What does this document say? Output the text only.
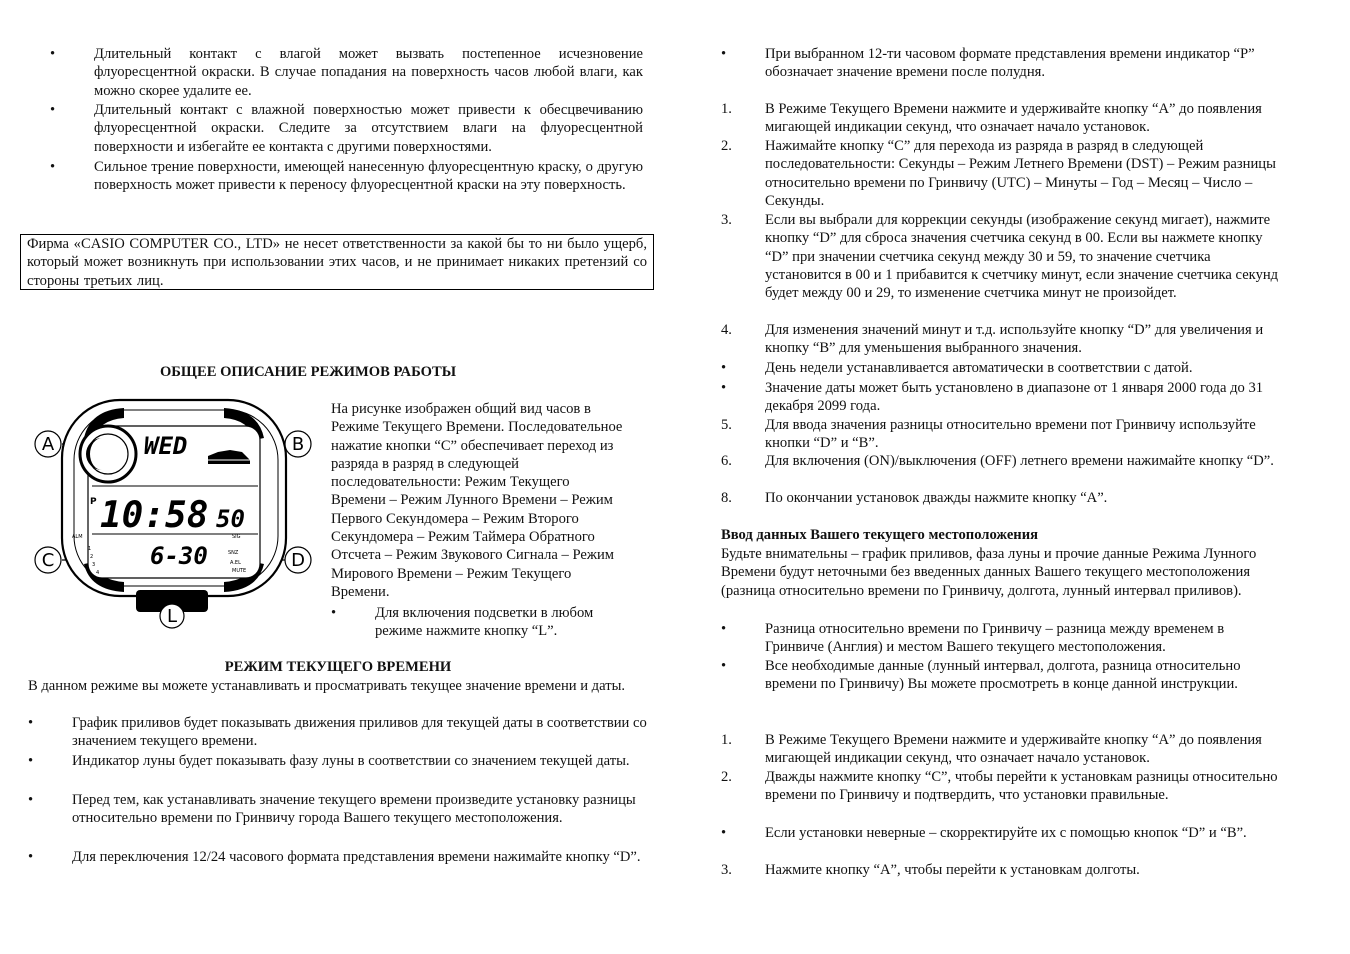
•	Длительный контакт с влагой может вызвать постепенное исчезновение флуоресцентной окраски. В случае попадания на поверхность часов любой влаги, как можно скорее удалите ее.
•	Длительный контакт с влажной поверхностью может привести к обесцвечиванию флуоресцентной окраски. Следите за отсутствием влаги на флуоресцентной поверхности и избегайте ее контакта с другими поверхностями.
•	Сильное трение поверхности, имеющей нанесенную флуоресцентную краску, о другую поверхность может привести к переносу флуоресцентной краски на эту поверхность.

Фирма «CASIO COMPUTER CO., LTD» не несет ответственности за какой бы то ни было ущерб, который может возникнуть при использовании этих часов, и не принимает никаких претензий со стороны третьих лиц.

ОБЩЕЕ ОПИСАНИЕ РЕЖИМОВ РАБОТЫ
WED
P 10:58 50
6-30
ALM
1
2
3
4
SIG
SNZ
A.EL
MUTE
A	B
C	D
L
На рисунке изображен общий вид часов в Режиме Текущего Времени. Последовательное нажатие кнопки “С” обеспечивает переход из разряда в разряд в следующей последовательности: Режим Текущего Времени – Режим Лунного Времени – Режим Первого Секундомера – Режим Второго Секундомера – Режим Таймера Обратного Отсчета – Режим Звукового Сигнала – Режим Мирового Времени – Режим Текущего Времени.
•	Для включения подсветки в любом режиме нажмите кнопку “L”.
РЕЖИМ ТЕКУЩЕГО ВРЕМЕНИ
В данном режиме вы можете устанавливать и просматривать текущее значение времени и даты.
•	График приливов будет показывать движения приливов для текущей даты в соответствии со значением текущего времени.
•	Индикатор луны будет показывать фазу луны в соответствии со значением текущей даты.
•	Перед тем, как устанавливать значение текущего времени произведите установку разницы относительно времени по Гринвичу города Вашего текущего местоположения.
•	Для переключения 12/24 часового формата представления времени нажимайте кнопку “D”.
•	При выбранном 12-ти часовом формате представления времени индикатор “Р” обозначает значение времени после полудня.
1.	В Режиме Текущего Времени нажмите и удерживайте кнопку “А” до появления мигающей индикации секунд, что означает начало установок.
2.	Нажимайте кнопку “С” для перехода из разряда в разряд в следующей последовательности: Секунды – Режим Летнего Времени (DST) – Режим разницы относительно времени по Гринвичу (UTC) – Минуты – Год – Месяц – Число – Секунды.
3.	Если вы выбрали для коррекции секунды (изображение секунд мигает), нажмите кнопку “D” для сброса значения счетчика секунд в 00. Если вы нажмете кнопку “D” при значении счетчика секунд между 30 и 59, то значение счетчика установится в 00 и 1 прибавится к счетчику минут, если значение счетчика секунд будет между 00 и 29, то изменение счетчика минут не произойдет.
4.	Для изменения значений минут и т.д. используйте кнопку “D” для увеличения и кнопку “В” для уменьшения выбранного значения.
•	День недели устанавливается автоматически в соответствии с датой.
•	Значение даты может быть установлено в диапазоне от 1 января 2000 года до 31 декабря 2099 года.
5.	Для ввода значения разницы относительно времени пот Гринвичу используйте кнопки “D” и “В”.
6.	Для включения (ON)/выключения (OFF) летнего времени нажимайте кнопку “D”.
8.	По окончании установок дважды нажмите кнопку “А”.
Ввод данных Вашего текущего местоположения
Будьте внимательны – график приливов, фаза луны и прочие данные Режима Лунного Времени будут неточными без введенных данных Вашего текущего местоположения (разница относительно времени по Гринвичу, долгота, лунный интервал приливов).
•	Разница относительно времени по Гринвичу – разница между временем в Гринвиче (Англия) и местом Вашего текущего местоположения.
•	Все необходимые данные (лунный интервал, долгота, разница относительно времени по Гринвичу) Вы можете просмотреть в конце данной инструкции.
1.	В Режиме Текущего Времени нажмите и удерживайте кнопку “А” до появления мигающей индикации секунд, что означает начало установок.
2.	Дважды нажмите кнопку “С”, чтобы перейти к установкам разницы относительно времени по Гринвичу и подтвердить, что установки правильные.
•	Если установки неверные – скорректируйте их с помощью кнопок “D” и “В”.
3.	Нажмите кнопку “А”, чтобы перейти к установкам долготы.
